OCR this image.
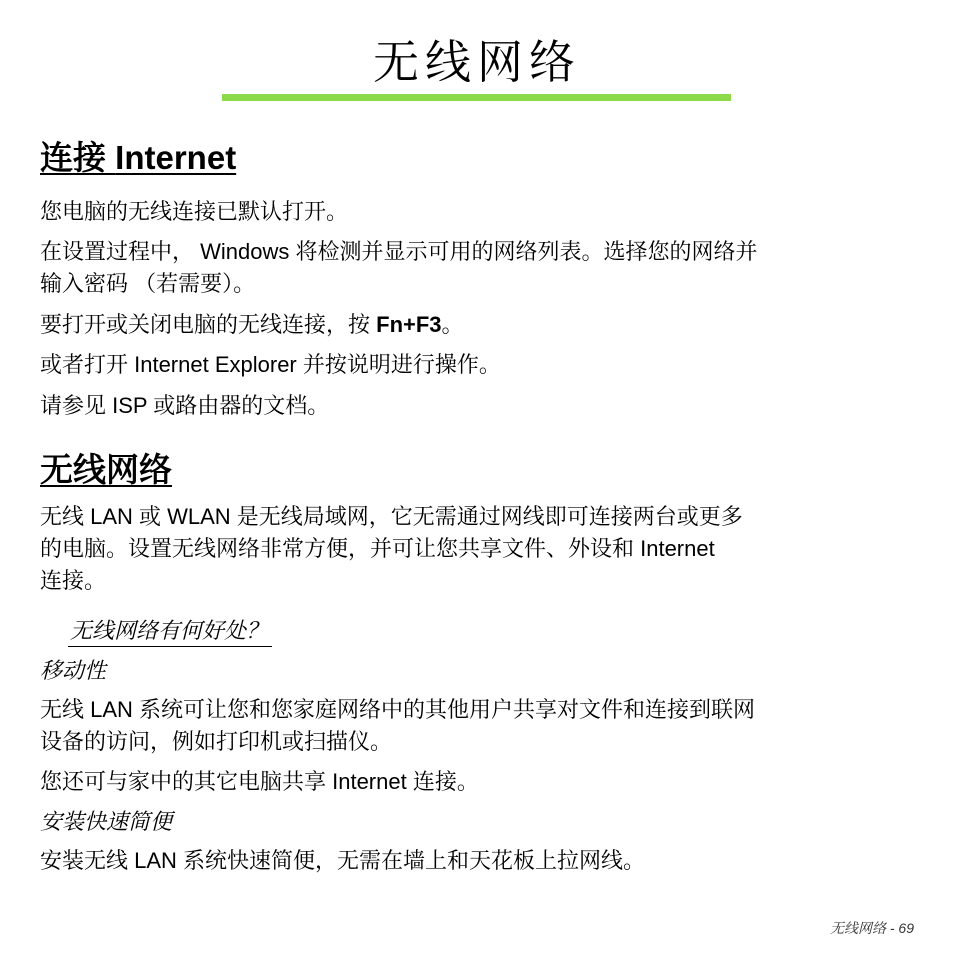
无线网络
连接 Internet

您电脑的无线连接已默认打开。

在设置过程中， Windows 将检测并显示可用的网络列表。选择您的网络并
输入密码 （若需要）。

要打开或关闭电脑的无线连接，按 Fn+F3。

或者打开 Internet Explorer 并按说明进行操作。

请参见 ISP 或路由器的文档。

无线网络
无线 LAN 或 WLAN 是无线局域网，它无需通过网线即可连接两台或更多
的电脑。设置无线网络非常方便，并可让您共享文件、外设和 Internet
连接。
无线网络有何好处？
移动性
无线 LAN 系统可让您和您家庭网络中的其他用户共享对文件和连接到联网
设备的访问，例如打印机或扫描仪。

您还可与家中的其它电脑共享 Internet 连接。

安装快速简便

安装无线 LAN 系统快速简便，无需在墙上和天花板上拉网线。

无线网络 - 69
